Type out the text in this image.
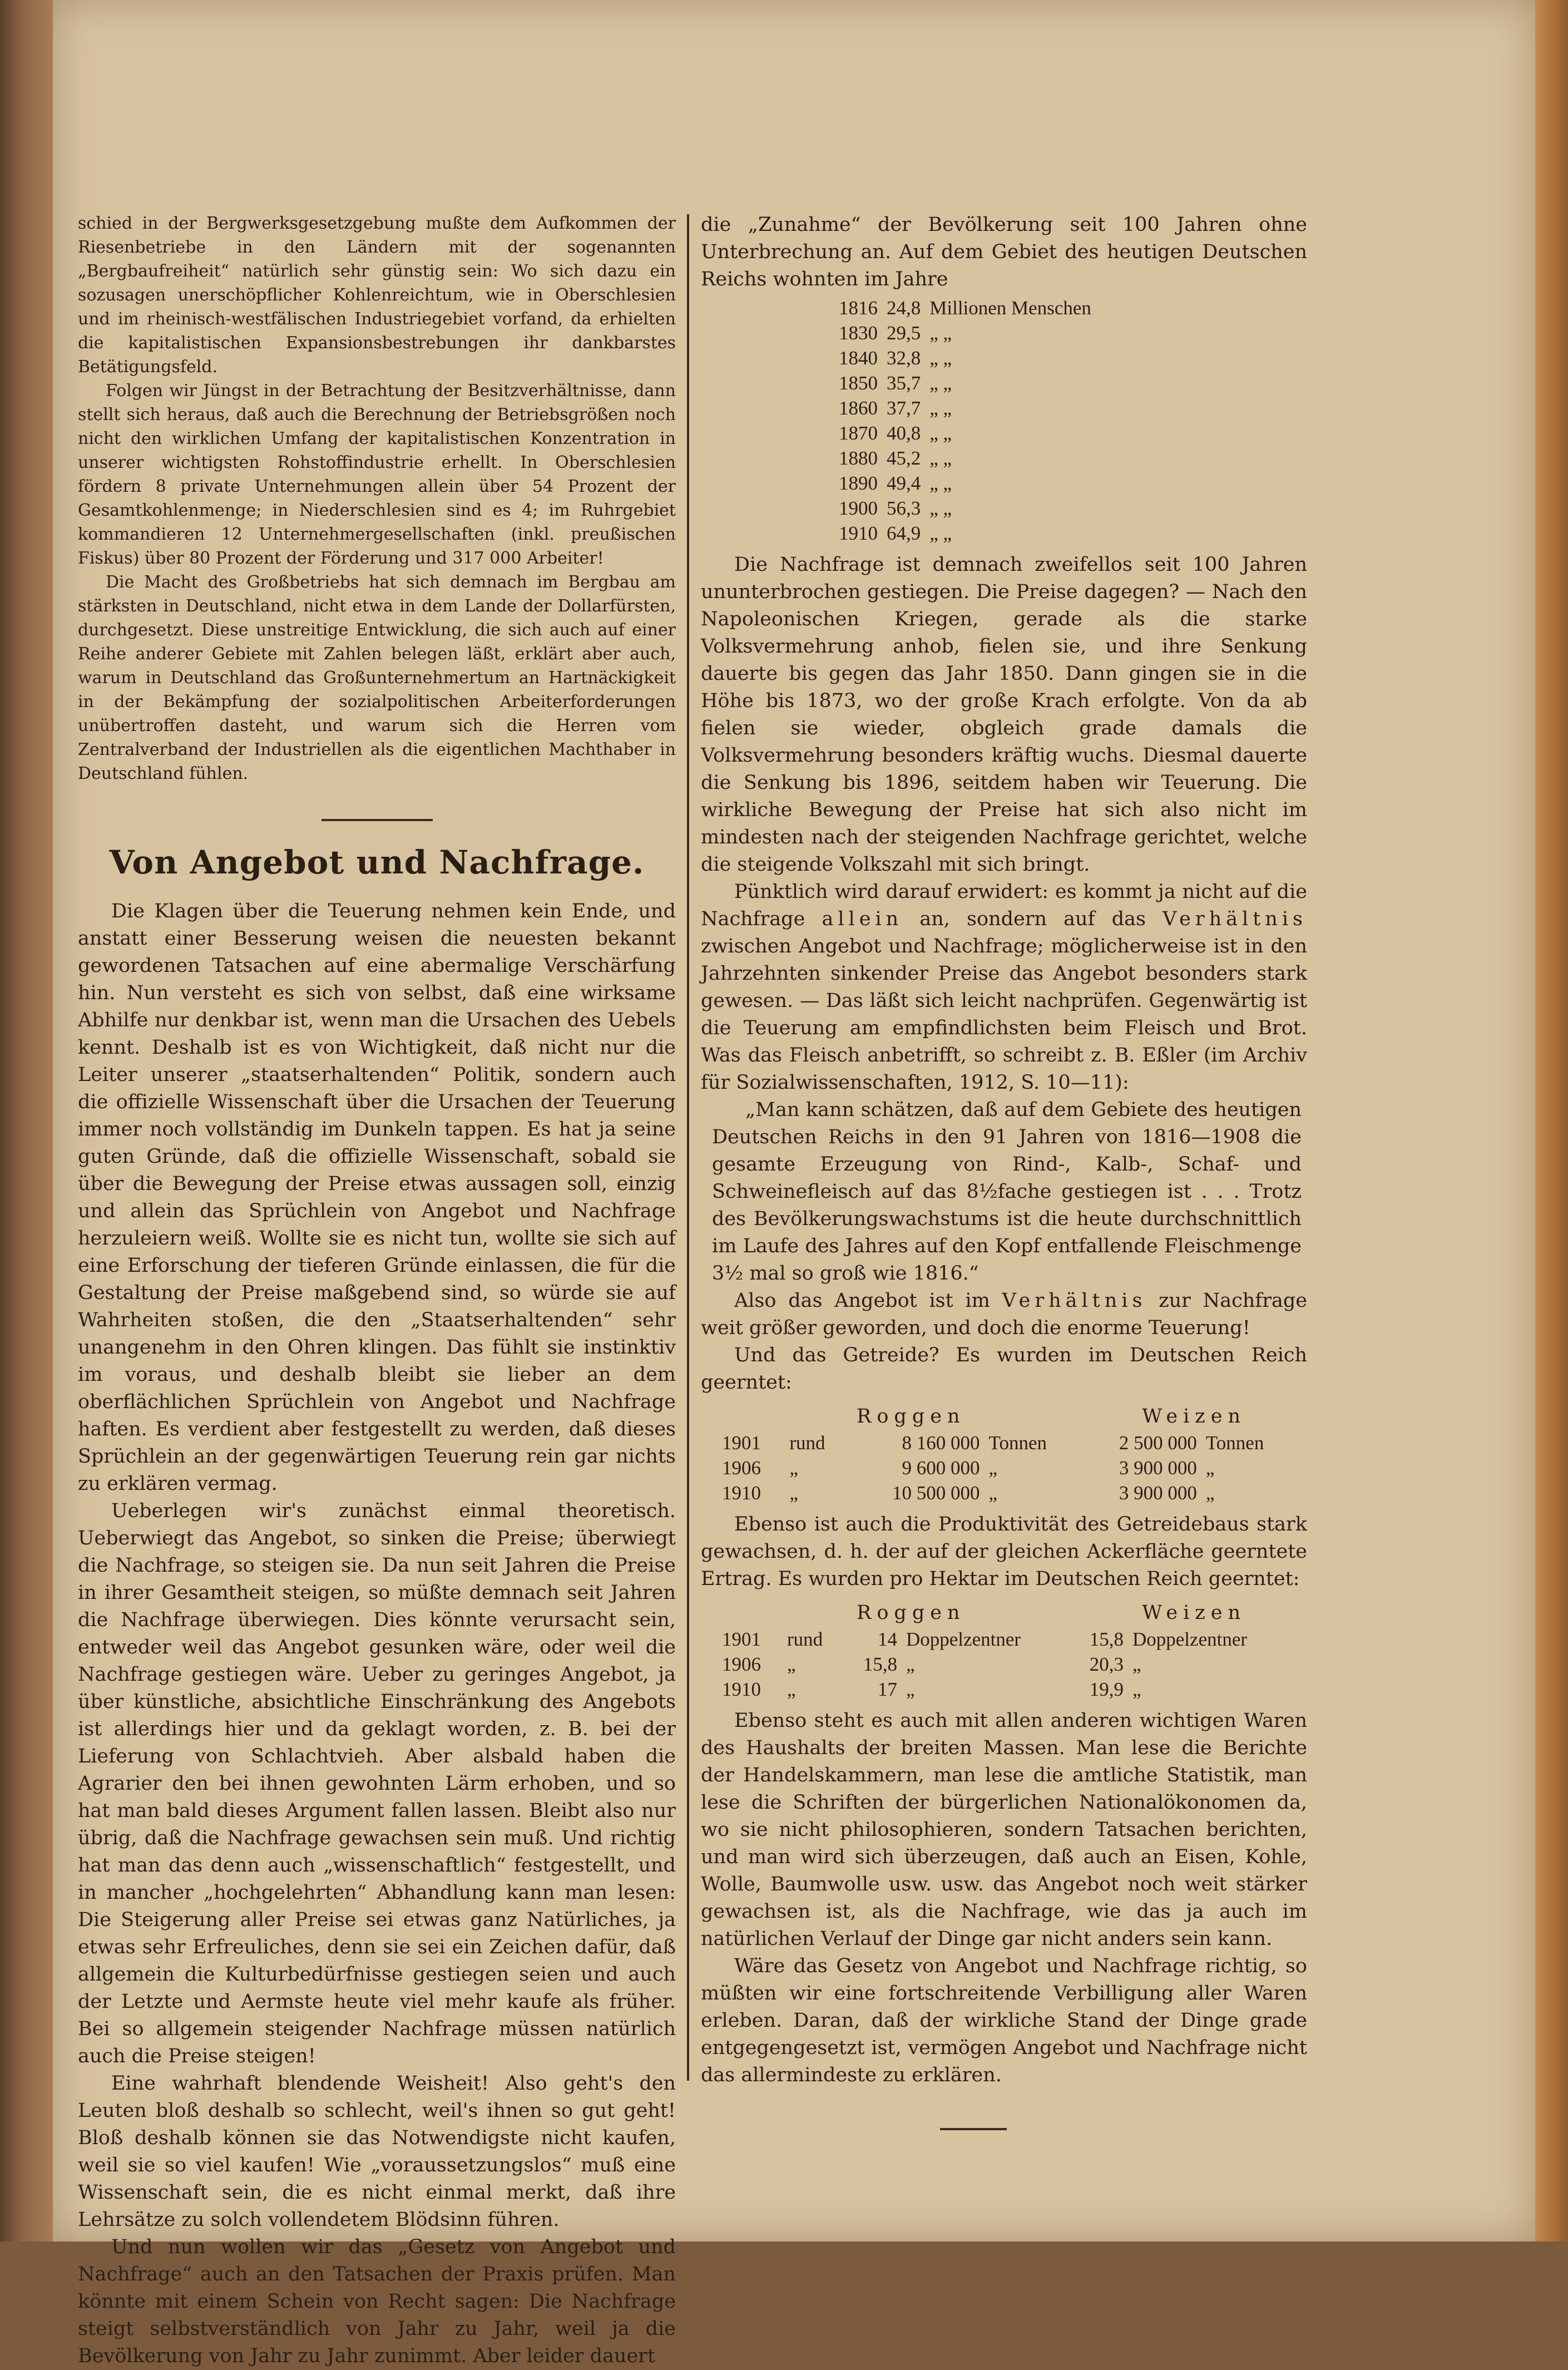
schied in der Bergwerksgesetzgebung mußte dem Aufkommen der Riesenbetriebe in den Ländern mit der sogenannten „Bergbaufreiheit“ natürlich sehr günstig sein: Wo sich dazu ein sozusagen unerschöpflicher Kohlenreichtum, wie in Oberschlesien und im rheinisch-westfälischen Industriegebiet vorfand, da erhielten die kapitalistischen Expansionsbestrebungen ihr dankbarstes Betätigungsfeld.

Folgen wir Jüngst in der Betrachtung der Besitzverhältnisse, dann stellt sich heraus, daß auch die Berechnung der Betriebsgrößen noch nicht den wirklichen Umfang der kapitalistischen Konzentration in unserer wichtigsten Rohstoffindustrie erhellt. In Oberschlesien fördern 8 private Unternehmungen allein über 54 Prozent der Gesamtkohlenmenge; in Niederschlesien sind es 4; im Ruhrgebiet kommandieren 12 Unternehmergesellschaften (inkl. preußischen Fiskus) über 80 Prozent der Förderung und 317 000 Arbeiter!

Die Macht des Großbetriebs hat sich demnach im Bergbau am stärksten in Deutschland, nicht etwa in dem Lande der Dollarfürsten, durchgesetzt. Diese unstreitige Entwicklung, die sich auch auf einer Reihe anderer Gebiete mit Zahlen belegen läßt, erklärt aber auch, warum in Deutschland das Großunternehmertum an Hartnäckigkeit in der Bekämpfung der sozialpolitischen Arbeiterforderungen unübertroffen dasteht, und warum sich die Herren vom Zentralverband der Industriellen als die eigentlichen Machthaber in Deutschland fühlen.

Von Angebot und Nachfrage.

Die Klagen über die Teuerung nehmen kein Ende, und anstatt einer Besserung weisen die neuesten bekannt gewordenen Tatsachen auf eine abermalige Verschärfung hin. Nun versteht es sich von selbst, daß eine wirksame Abhilfe nur denkbar ist, wenn man die Ursachen des Uebels kennt. Deshalb ist es von Wichtigkeit, daß nicht nur die Leiter unserer „staatserhaltenden“ Politik, sondern auch die offizielle Wissenschaft über die Ursachen der Teuerung immer noch vollständig im Dunkeln tappen. Es hat ja seine guten Gründe, daß die offizielle Wissenschaft, sobald sie über die Bewegung der Preise etwas aussagen soll, einzig und allein das Sprüchlein von Angebot und Nachfrage herzuleiern weiß. Wollte sie es nicht tun, wollte sie sich auf eine Erforschung der tieferen Gründe einlassen, die für die Gestaltung der Preise maßgebend sind, so würde sie auf Wahrheiten stoßen, die den „Staatserhaltenden“ sehr unangenehm in den Ohren klingen. Das fühlt sie instinktiv im voraus, und deshalb bleibt sie lieber an dem oberflächlichen Sprüchlein von Angebot und Nachfrage haften. Es verdient aber festgestellt zu werden, daß dieses Sprüchlein an der gegenwärtigen Teuerung rein gar nichts zu erklären vermag.

Ueberlegen wir's zunächst einmal theoretisch. Ueberwiegt das Angebot, so sinken die Preise; überwiegt die Nachfrage, so steigen sie. Da nun seit Jahren die Preise in ihrer Gesamtheit steigen, so müßte demnach seit Jahren die Nachfrage überwiegen. Dies könnte verursacht sein, entweder weil das Angebot gesunken wäre, oder weil die Nachfrage gestiegen wäre. Ueber zu geringes Angebot, ja über künstliche, absichtliche Einschränkung des Angebots ist allerdings hier und da geklagt worden, z. B. bei der Lieferung von Schlachtvieh. Aber alsbald haben die Agrarier den bei ihnen gewohnten Lärm erhoben, und so hat man bald dieses Argument fallen lassen. Bleibt also nur übrig, daß die Nachfrage gewachsen sein muß. Und richtig hat man das denn auch „wissenschaftlich“ festgestellt, und in mancher „hochgelehrten“ Abhandlung kann man lesen: Die Steigerung aller Preise sei etwas ganz Natürliches, ja etwas sehr Erfreuliches, denn sie sei ein Zeichen dafür, daß allgemein die Kulturbedürfnisse gestiegen seien und auch der Letzte und Aermste heute viel mehr kaufe als früher. Bei so allgemein steigender Nachfrage müssen natürlich auch die Preise steigen!

Eine wahrhaft blendende Weisheit! Also geht's den Leuten bloß deshalb so schlecht, weil's ihnen so gut geht! Bloß deshalb können sie das Notwendigste nicht kaufen, weil sie so viel kaufen! Wie „voraussetzungslos“ muß eine Wissenschaft sein, die es nicht einmal merkt, daß ihre Lehrsätze zu solch vollendetem Blödsinn führen.

Und nun wollen wir das „Gesetz von Angebot und Nachfrage“ auch an den Tatsachen der Praxis prüfen. Man könnte mit einem Schein von Recht sagen: Die Nachfrage steigt selbstverständlich von Jahr zu Jahr, weil ja die Bevölkerung von Jahr zu Jahr zunimmt. Aber leider dauert

die „Zunahme“ der Bevölkerung seit 100 Jahren ohne Unterbrechung an. Auf dem Gebiet des heutigen Deutschen Reichs wohnten im Jahre

1816	24,8	Millionen Menschen
1830	29,5	„ „
1840	32,8	„ „
1850	35,7	„ „
1860	37,7	„ „
1870	40,8	„ „
1880	45,2	„ „
1890	49,4	„ „
1900	56,3	„ „
1910	64,9	„ „

Die Nachfrage ist demnach zweifellos seit 100 Jahren ununterbrochen gestiegen. Die Preise dagegen? — Nach den Napoleonischen Kriegen, gerade als die starke Volksvermehrung anhob, fielen sie, und ihre Senkung dauerte bis gegen das Jahr 1850. Dann gingen sie in die Höhe bis 1873, wo der große Krach erfolgte. Von da ab fielen sie wieder, obgleich grade damals die Volksvermehrung besonders kräftig wuchs. Diesmal dauerte die Senkung bis 1896, seitdem haben wir Teuerung. Die wirkliche Bewegung der Preise hat sich also nicht im mindesten nach der steigenden Nachfrage gerichtet, welche die steigende Volkszahl mit sich bringt.

Pünktlich wird darauf erwidert: es kommt ja nicht auf die Nachfrage allein an, sondern auf das Verhältnis zwischen Angebot und Nachfrage; möglicherweise ist in den Jahrzehnten sinkender Preise das Angebot besonders stark gewesen. — Das läßt sich leicht nachprüfen. Gegenwärtig ist die Teuerung am empfindlichsten beim Fleisch und Brot. Was das Fleisch anbetrifft, so schreibt z. B. Eßler (im Archiv für Sozialwissenschaften, 1912, S. 10—11):

„Man kann schätzen, daß auf dem Gebiete des heutigen Deutschen Reichs in den 91 Jahren von 1816—1908 die gesamte Erzeugung von Rind-, Kalb-, Schaf- und Schweinefleisch auf das 8½fache gestiegen ist . . . Trotz des Bevölkerungswachstums ist die heute durchschnittlich im Laufe des Jahres auf den Kopf entfallende Fleischmenge 3½ mal so groß wie 1816.“

Also das Angebot ist im Verhältnis zur Nachfrage weit größer geworden, und doch die enorme Teuerung!

Und das Getreide? Es wurden im Deutschen Reich geerntet:

Roggen	Weizen
1901	rund	8 160 000	Tonnen	2 500 000	Tonnen
1906	„	9 600 000	„	3 900 000	„
1910	„	10 500 000	„	3 900 000	„

Ebenso ist auch die Produktivität des Getreidebaus stark gewachsen, d. h. der auf der gleichen Ackerfläche geerntete Ertrag. Es wurden pro Hektar im Deutschen Reich geerntet:

Roggen	Weizen
1901	rund	14	Doppelzentner	15,8	Doppelzentner
1906	„	15,8	„	20,3	„
1910	„	17	„	19,9	„

Ebenso steht es auch mit allen anderen wichtigen Waren des Haushalts der breiten Massen. Man lese die Berichte der Handelskammern, man lese die amtliche Statistik, man lese die Schriften der bürgerlichen Nationalökonomen da, wo sie nicht philosophieren, sondern Tatsachen berichten, und man wird sich überzeugen, daß auch an Eisen, Kohle, Wolle, Baumwolle usw. usw. das Angebot noch weit stärker gewachsen ist, als die Nachfrage, wie das ja auch im natürlichen Verlauf der Dinge gar nicht anders sein kann.

Wäre das Gesetz von Angebot und Nachfrage richtig, so müßten wir eine fortschreitende Verbilligung aller Waren erleben. Daran, daß der wirkliche Stand der Dinge grade entgegengesetzt ist, vermögen Angebot und Nachfrage nicht das allermindeste zu erklären.
